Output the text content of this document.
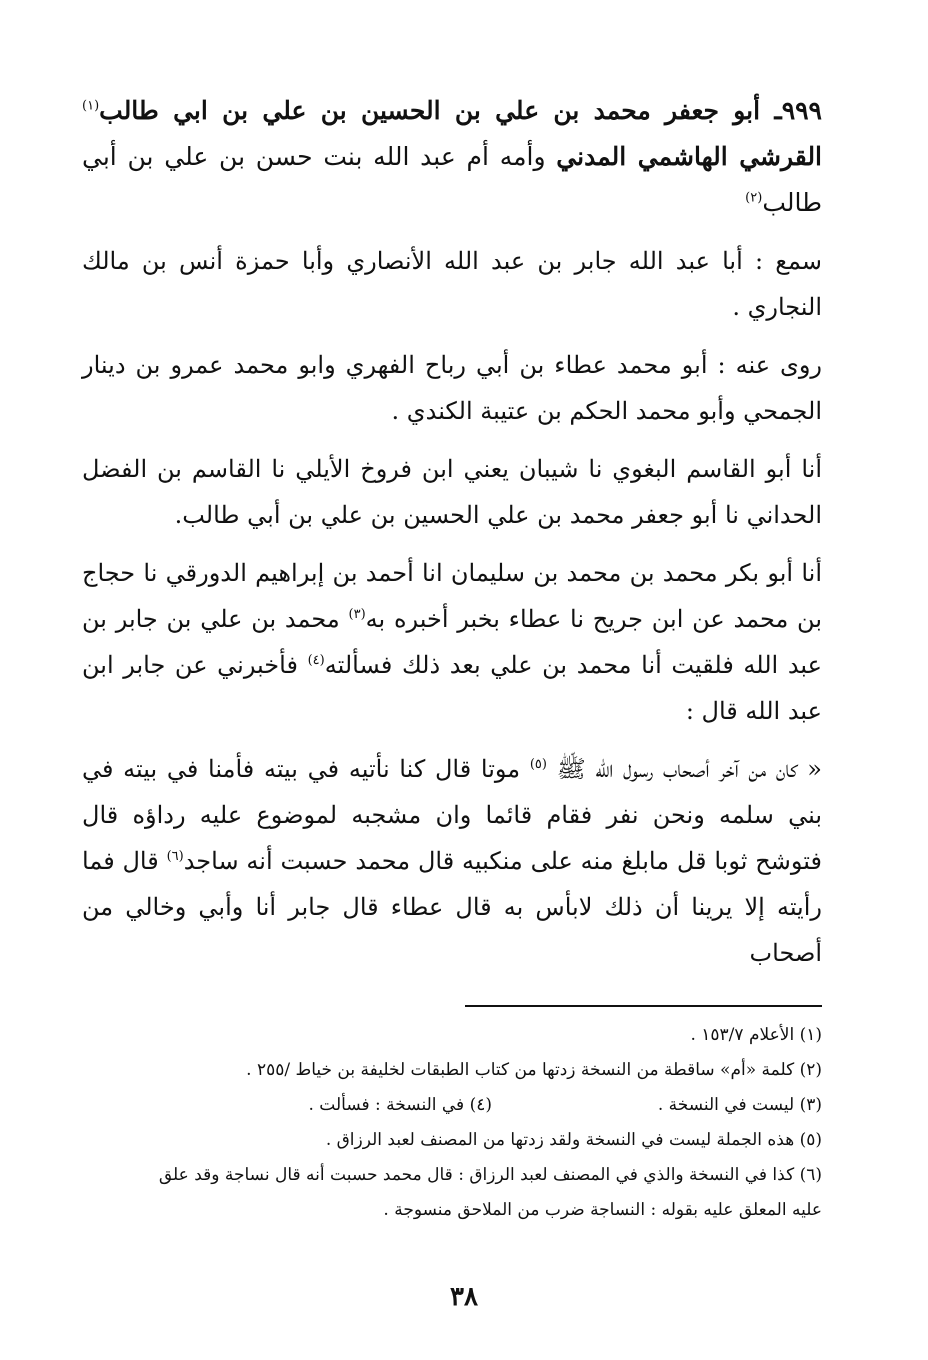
٩٩٩ـ أبو جعفر محمد بن علي بن الحسين بن علي بن ابي طالب$^{(١)}$ القرشي الهاشمي المدني وأمه أم عبد الله بنت حسن بن علي بن أبي طالب$^{(٢)}$

سمع : أبا عبد الله جابر بن عبد الله الأنصاري وأبا حمزة أنس بن مالك النجاري .

روى عنه : أبو محمد عطاء بن أبي رباح الفهري وابو محمد عمرو بن دينار الجمحي وأبو محمد الحكم بن عتيبة الكندي .

أنا أبو القاسم البغوي نا شيبان يعني ابن فروخ الأيلي نا القاسم بن الفضل الحداني نا أبو جعفر محمد بن علي الحسين بن علي بن أبي طالب.

أنا أبو بكر محمد بن محمد بن سليمان انا أحمد بن إبراهيم الدورقي نا حجاج بن محمد عن ابن جريح نا عطاء بخبر أخبره به$^{(٣)}$ محمد بن علي بن جابر بن عبد الله فلقيت أنا محمد بن علي بعد ذلك فسألته$^{(٤)}$ فأخبرني عن جابر ابن عبد الله قال :

« كان من آخر أصحاب رسول الله ﷺ $^{(٥)}$ موتا قال كنا نأتيه في بيته فأمنا في بيته في بني سلمه ونحن نفر فقام قائما وان مشجبه لموضوع عليه رداؤه قال فتوشح ثوبا قل مابلغ منه على منكبيه قال محمد حسبت أنه ساجد$^{(٦)}$ قال فما رأيته إلا يرينا أن ذلك لابأس به قال عطاء قال جابر أنا وأبي وخالي من أصحاب

(١) الأعلام ١٥٣/٧ .

(٢) كلمة «أم» ساقطة من النسخة زدتها من كتاب الطبقات لخليفة بن خياط /٢٥٥ .

(٣) ليست في النسخة .
(٤) في النسخة : فسألت .

(٥) هذه الجملة ليست في النسخة ولقد زدتها من المصنف لعبد الرزاق .

(٦) كذا في النسخة والذي في المصنف لعبد الرزاق : قال محمد حسبت أنه قال نساجة وقد علق

عليه المعلق عليه بقوله : النساجة ضرب من الملاحق منسوجة .

٣٨
